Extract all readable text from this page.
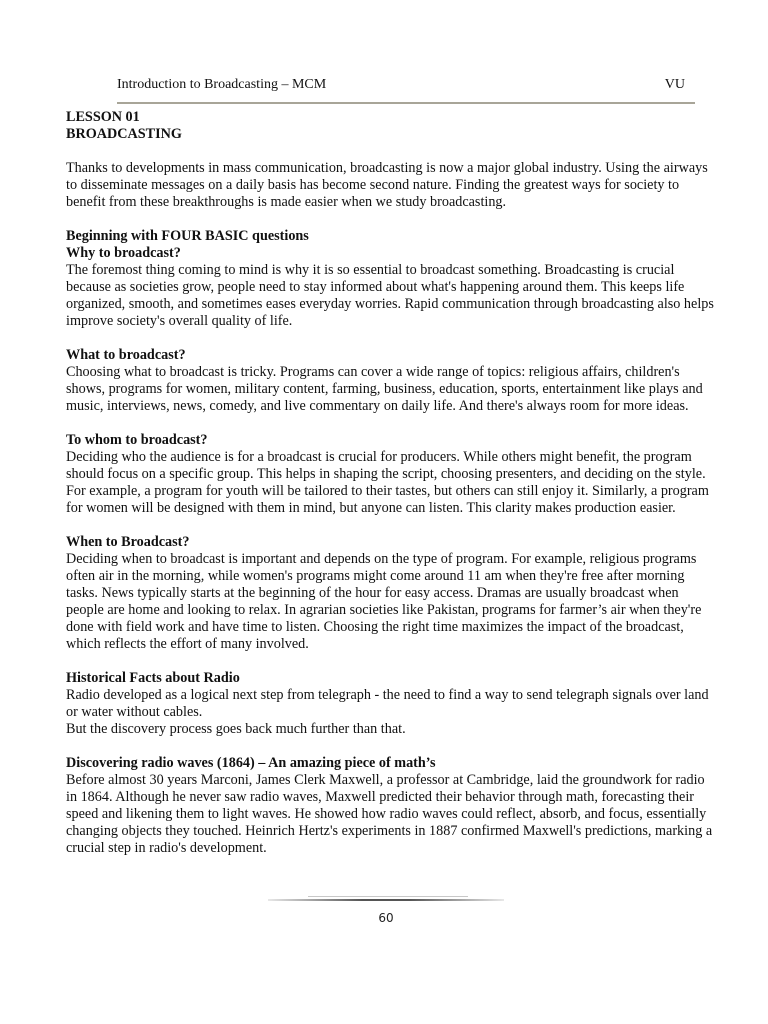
Introduction to Broadcasting – MCM	VU

LESSON 01

BROADCASTING

Thanks to developments in mass communication, broadcasting is now a major global industry. Using the airways to disseminate messages on a daily basis has become second nature. Finding the greatest ways for society to benefit from these breakthroughs is made easier when we study broadcasting.

Beginning with FOUR BASIC questions

Why to broadcast?

The foremost thing coming to mind is why it is so essential to broadcast something. Broadcasting is crucial because as societies grow, people need to stay informed about what's happening around them. This keeps life organized, smooth, and sometimes eases everyday worries. Rapid communication through broadcasting also helps improve society's overall quality of life.

What to broadcast?

Choosing what to broadcast is tricky. Programs can cover a wide range of topics: religious affairs, children's shows, programs for women, military content, farming, business, education, sports, entertainment like plays and music, interviews, news, comedy, and live commentary on daily life. And there's always room for more ideas.

To whom to broadcast?

Deciding who the audience is for a broadcast is crucial for producers. While others might benefit, the program should focus on a specific group. This helps in shaping the script, choosing presenters, and deciding on the style. For example, a program for youth will be tailored to their tastes, but others can still enjoy it. Similarly, a program for women will be designed with them in mind, but anyone can listen. This clarity makes production easier.

When to Broadcast?

Deciding when to broadcast is important and depends on the type of program. For example, religious programs often air in the morning, while women's programs might come around 11 am when they're free after morning tasks. News typically starts at the beginning of the hour for easy access. Dramas are usually broadcast when people are home and looking to relax. In agrarian societies like Pakistan, programs for farmer’s air when they're done with field work and have time to listen. Choosing the right time maximizes the impact of the broadcast, which reflects the effort of many involved.

Historical Facts about Radio

Radio developed as a logical next step from telegraph - the need to find a way to send telegraph signals over land or water without cables.

But the discovery process goes back much further than that.

Discovering radio waves (1864) – An amazing piece of math’s

Before almost 30 years Marconi, James Clerk Maxwell, a professor at Cambridge, laid the groundwork for radio in 1864. Although he never saw radio waves, Maxwell predicted their behavior through math, forecasting their speed and likening them to light waves. He showed how radio waves could reflect, absorb, and focus, essentially changing objects they touched. Heinrich Hertz's experiments in 1887 confirmed Maxwell's predictions, marking a crucial step in radio's development.

60
